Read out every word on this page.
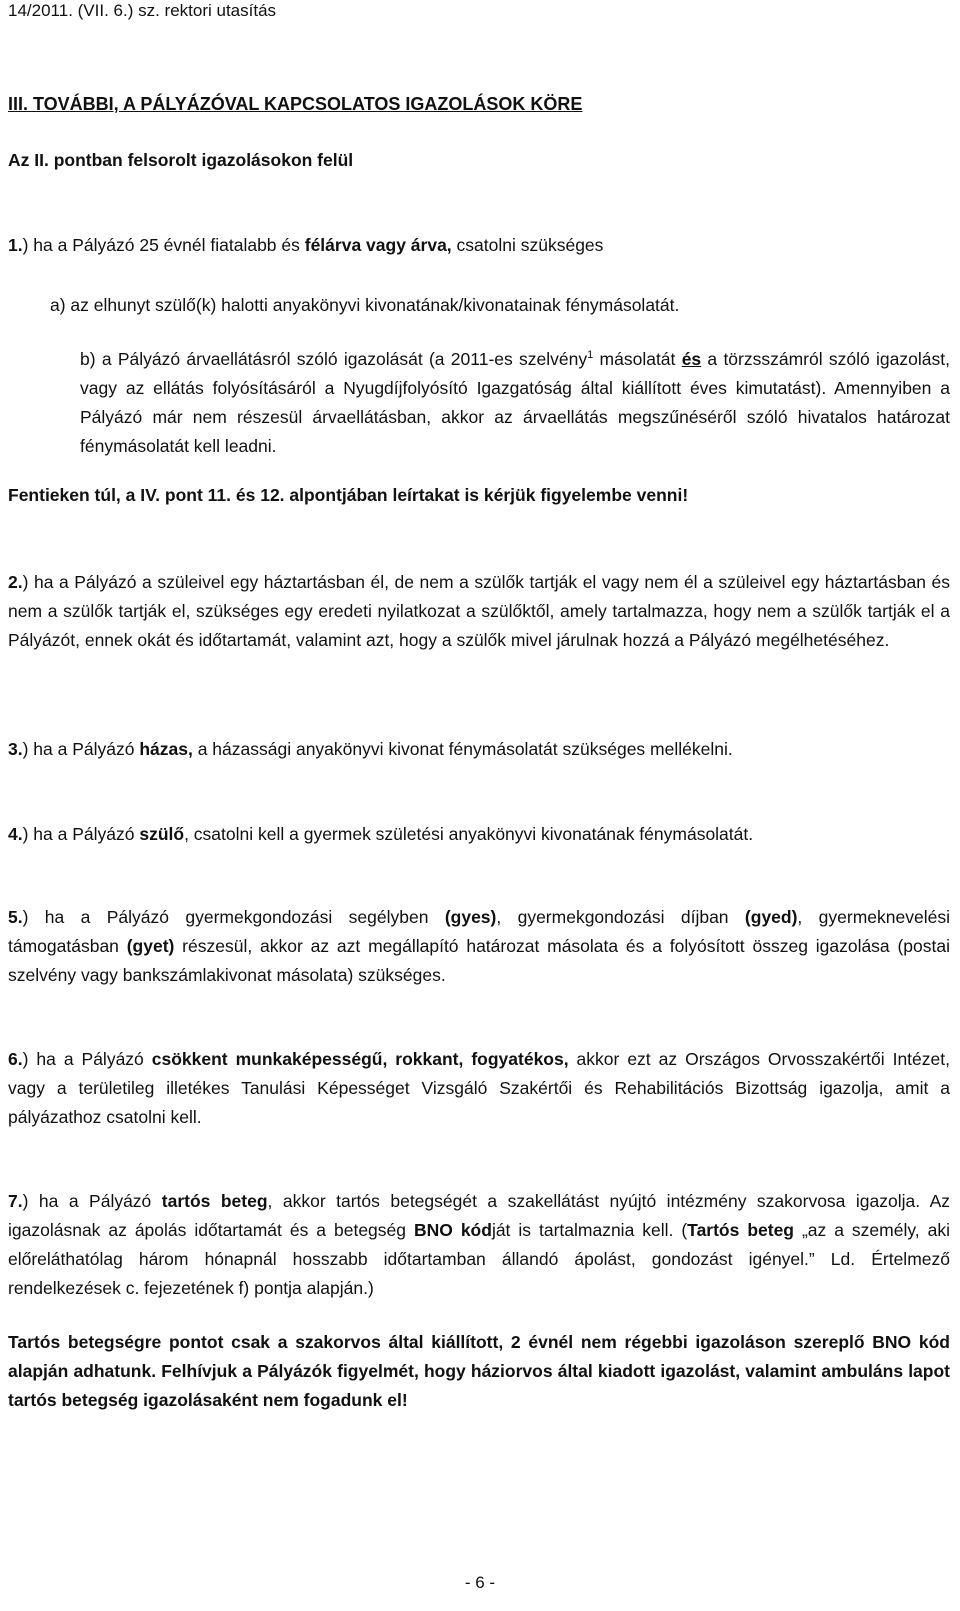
14/2011. (VII. 6.) sz. rektori utasítás
III. TOVÁBBI, A PÁLYÁZÓVAL KAPCSOLATOS IGAZOLÁSOK KÖRE
Az II. pontban felsorolt igazolásokon felül
1.) ha a Pályázó 25 évnél fiatalabb és félárva vagy árva, csatolni szükséges
a) az elhunyt szülő(k) halotti anyakönyvi kivonatának/kivonatainak fénymásolatát.
b) a Pályázó árvaellátásról szóló igazolását (a 2011-es szelvény$^1$ másolatát és a törzsszámról szóló igazolást, vagy az ellátás folyósításáról a Nyugdíjfolyósító Igazgatóság által kiállított éves kimutatást). Amennyiben a Pályázó már nem részesül árvaellátásban, akkor az árvaellátás megszűnéséről szóló hivatalos határozat fénymásolatát kell leadni.
Fentieken túl, a IV. pont 11. és 12. alpontjában leírtakat is kérjük figyelembe venni!
2.) ha a Pályázó a szüleivel egy háztartásban él, de nem a szülők tartják el vagy nem él a szüleivel egy háztartásban és nem a szülők tartják el, szükséges egy eredeti nyilatkozat a szülőktől, amely tartalmazza, hogy nem a szülők tartják el a Pályázót, ennek okát és időtartamát, valamint azt, hogy a szülők mivel járulnak hozzá a Pályázó megélhetéséhez.
3.) ha a Pályázó házas, a házassági anyakönyvi kivonat fénymásolatát szükséges mellékelni.
4.) ha a Pályázó szülő, csatolni kell a gyermek születési anyakönyvi kivonatának fénymásolatát.
5.) ha a Pályázó gyermekgondozási segélyben (gyes), gyermekgondozási díjban (gyed), gyermeknevelési támogatásban (gyet) részesül, akkor az azt megállapító határozat másolata és a folyósított összeg igazolása (postai szelvény vagy bankszámlakivonat másolata) szükséges.
6.) ha a Pályázó csökkent munkaképességű, rokkant, fogyatékos, akkor ezt az Országos Orvosszakértői Intézet, vagy a területileg illetékes Tanulási Képességet Vizsgáló Szakértői és Rehabilitációs Bizottság igazolja, amit a pályázathoz csatolni kell.
7.) ha a Pályázó tartós beteg, akkor tartós betegségét a szakellátást nyújtó intézmény szakorvosa igazolja. Az igazolásnak az ápolás időtartamát és a betegség BNO kódját is tartalmaznia kell. (Tartós beteg „az a személy, aki előreláthatólag három hónapnál hosszabb időtartamban állandó ápolást, gondozást igényel.” Ld. Értelmező rendelkezések c. fejezetének f) pontja alapján.)
Tartós betegségre pontot csak a szakorvos által kiállított, 2 évnél nem régebbi igazoláson szereplő BNO kód alapján adhatunk. Felhívjuk a Pályázók figyelmét, hogy háziorvos által kiadott igazolást, valamint ambuláns lapot tartós betegség igazolásaként nem fogadunk el!
- 6 -
